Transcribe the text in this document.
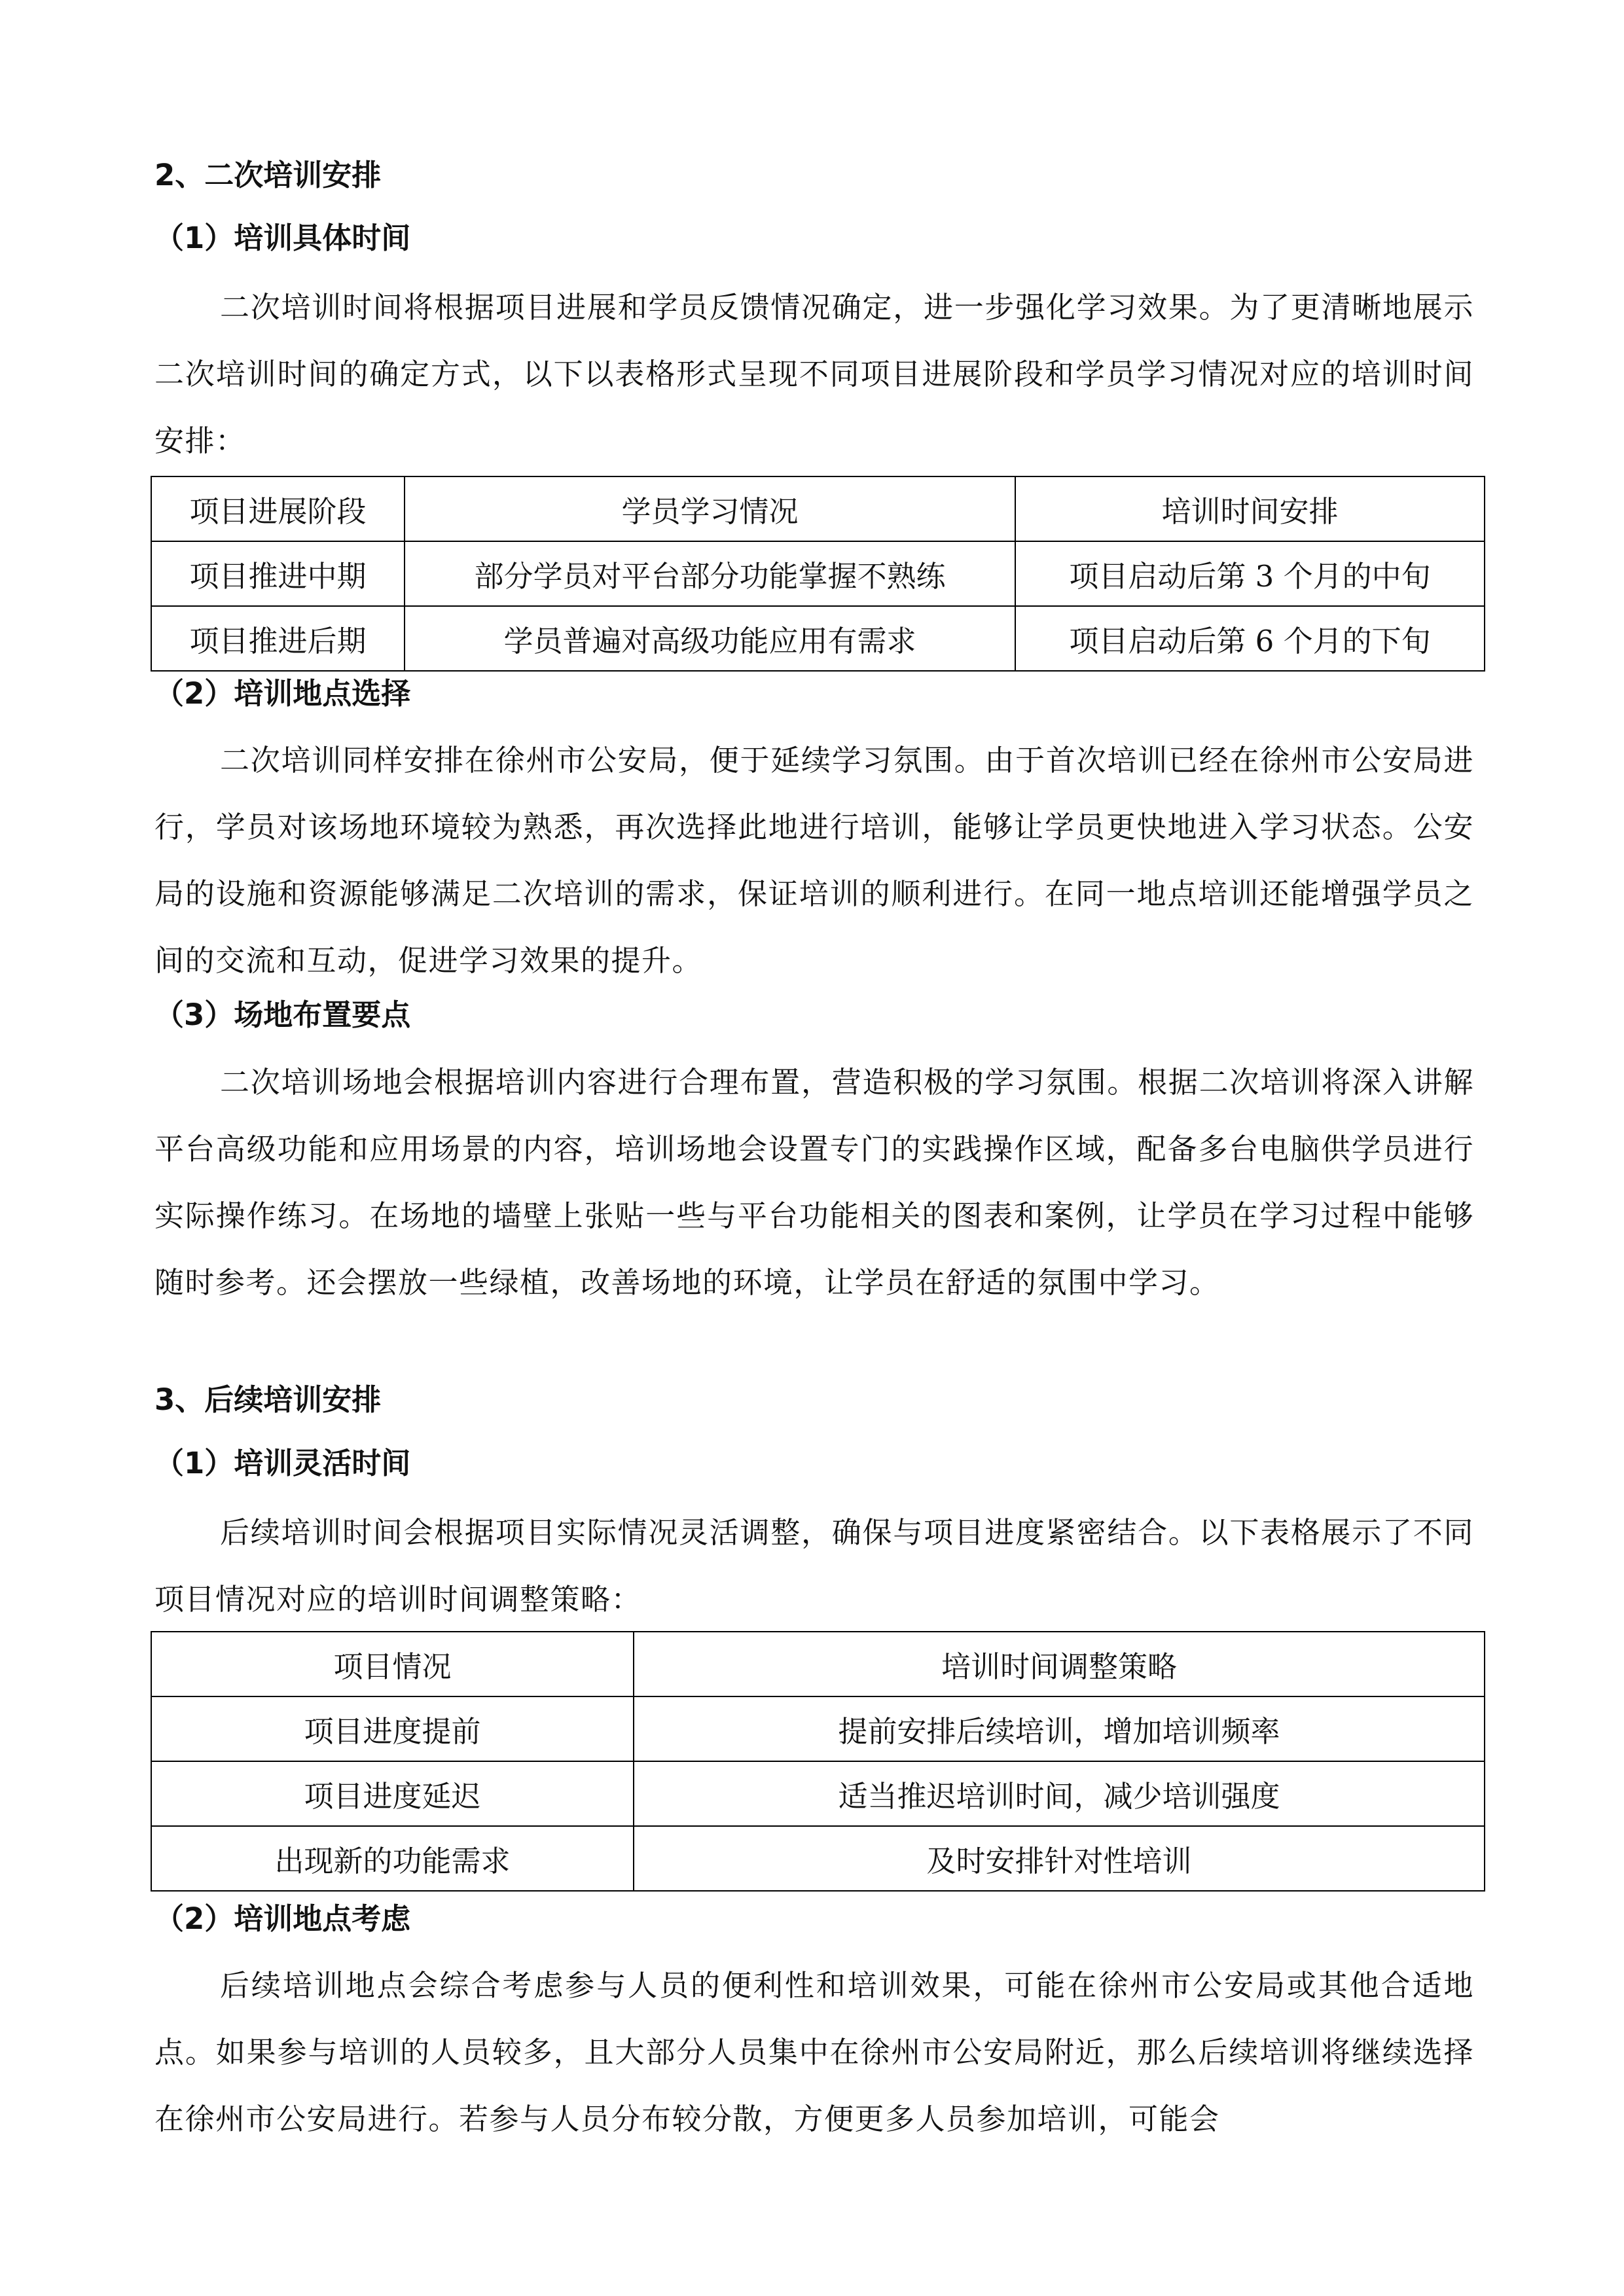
2、二次培训安排
（1）培训具体时间
二次培训时间将根据项目进展和学员反馈情况确定，进一步强化学习效果。为了更清晰地展示二次培训时间的确定方式，以下以表格形式呈现不同项目进展阶段和学员学习情况对应的培训时间安排：
项目进展阶段	学员学习情况	培训时间安排
项目推进中期	部分学员对平台部分功能掌握不熟练	项目启动后第 3 个月的中旬
项目推进后期	学员普遍对高级功能应用有需求	项目启动后第 6 个月的下旬
（2）培训地点选择
二次培训同样安排在徐州市公安局，便于延续学习氛围。由于首次培训已经在徐州市公安局进行，学员对该场地环境较为熟悉，再次选择此地进行培训，能够让学员更快地进入学习状态。公安局的设施和资源能够满足二次培训的需求，保证培训的顺利进行。在同一地点培训还能增强学员之间的交流和互动，促进学习效果的提升。
（3）场地布置要点
二次培训场地会根据培训内容进行合理布置，营造积极的学习氛围。根据二次培训将深入讲解平台高级功能和应用场景的内容，培训场地会设置专门的实践操作区域，配备多台电脑供学员进行实际操作练习。在场地的墙壁上张贴一些与平台功能相关的图表和案例，让学员在学习过程中能够随时参考。还会摆放一些绿植，改善场地的环境，让学员在舒适的氛围中学习。
3、后续培训安排
（1）培训灵活时间
后续培训时间会根据项目实际情况灵活调整，确保与项目进度紧密结合。以下表格展示了不同项目情况对应的培训时间调整策略：
项目情况	培训时间调整策略
项目进度提前	提前安排后续培训，增加培训频率
项目进度延迟	适当推迟培训时间，减少培训强度
出现新的功能需求	及时安排针对性培训
（2）培训地点考虑
后续培训地点会综合考虑参与人员的便利性和培训效果，可能在徐州市公安局或其他合适地点。如果参与培训的人员较多，且大部分人员集中在徐州市公安局附近，那么后续培训将继续选择在徐州市公安局进行。若参与人员分布较分散，方便更多人员参加培训，可能会
